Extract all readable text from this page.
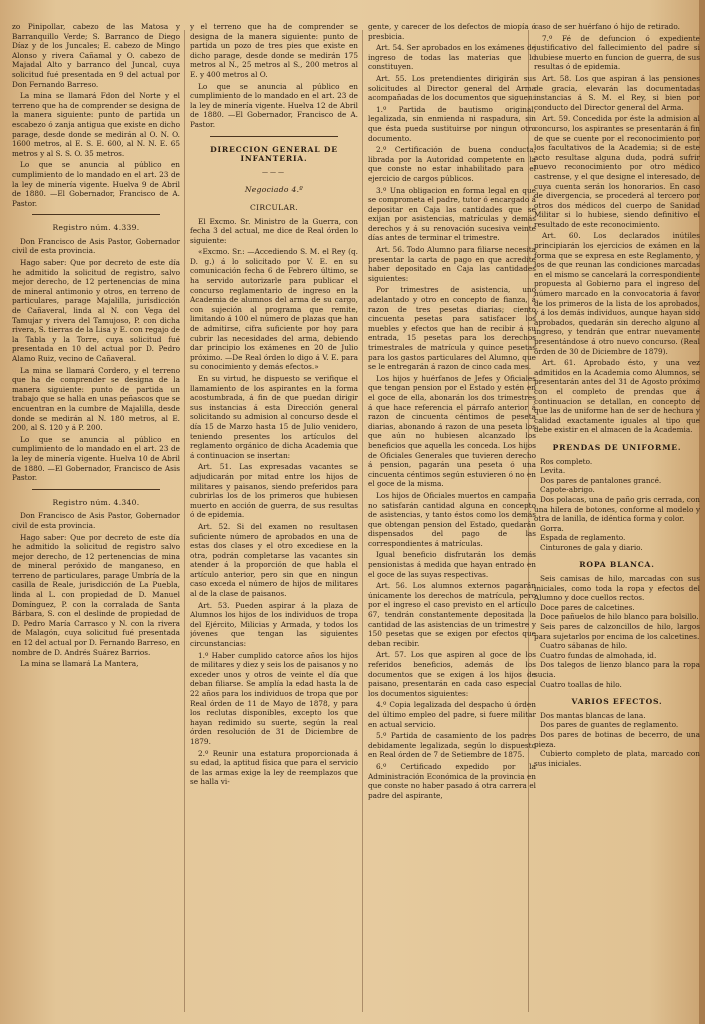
zo Pinipollar, cabezo de las Matosa y Barranquillo Verde; S. Barranco de Diego Díaz y de los Juncales; E. cabezo de Mingo Alonso y rivera Cañamal y O. cabezo de Majadal Alto y barranco del Juncal, cuya solicitud fué presentada en 9 del actual por Don Fernando Barreso.

La mina se llamará Fdon del Norte y el terreno que ha de comprender se designa de la manera siguiente: punto de partida un escabezo ó zanja antigua que existe en dicho parage, desde donde se medirán al O. N. O. 1600 metros, al E. S. E. 600, al N. N. E. 65 metros y al S. S. O. 35 metros.

Lo que se anuncia al público en cumplimiento de lo mandado en el art. 23 de la ley de minería vigente. Huelva 9 de Abril de 1880. —El Gobernador, Francisco de A. Pastor.

Registro núm. 4.339.

Don Francisco de Asis Pastor, Gobernador civil de esta provincia.

Hago saber: Que por decreto de este día he admitido la solicitud de registro, salvo mejor derecho, de 12 pertenencias de mina de mineral antimonio y otros, en terreno de particulares, parage Majalilla, jurisdicción de Cañaveral, linda al N. con Vega del Tamujar y rivera del Tamujoso, P. con dicha rivera, S. tierras de la Lisa y E. con regajo de la Tabla y la Torre, cuya solicitud fué presentada en 10 del actual por D. Pedro Alamo Ruiz, vecino de Cañaveral.

La mina se llamará Cordero, y el terreno que ha de comprender se designa de la manera siguiente: punto de partida un trabajo que se halla en unas peñascos que se encuentran en la cumbre de Majalilla, desde donde se medirán al N. 180 metros, al E. 200, al S. 120 y á P. 200.

Lo que se anuncia al público en cumplimiento de lo mandado en el art. 23 de la ley de minería vigente. Huelva 10 de Abril de 1880. —El Gobernador, Francisco de Asis Pastor.

Registro núm. 4.340.

Don Francisco de Asis Pastor, Gobernador civil de esta provincia.

Hago saber: Que por decreto de este día he admitido la solicitud de registro salvo mejor derecho, de 12 pertenencias de mina de mineral peróxido de manganeso, en terreno de particulares, parage Umbría de la casilla de Reale, jurisdicción de La Puebla, linda al L. con propiedad de D. Manuel Domínguez, P. con la corralada de Santa Bárbara, S. con el deslinde de propiedad de D. Pedro María Carrasco y N. con la rivera de Malagón, cuya solicitud fué presentada en 12 del actual por D. Fernando Barreso, en nombre de D. Andrés Suárez Barrios.

La mina se llamará La Mantera,

y el terreno que ha de comprender se designa de la manera siguiente: punto de partida un pozo de tres pies que existe en dicho parage, desde donde se medirán 175 metros al N., 25 metros al S., 200 metros al E. y 400 metros al O.

Lo que se anuncia al público en cumplimiento de lo mandado en el art. 23 de la ley de minería vigente. Huelva 12 de Abril de 1880. —El Gobernador, Francisco de A. Pastor.

DIRECCION GENERAL DE INFANTERIA.
———
Negociado 4.º
CIRCULAR.

El Excmo. Sr. Ministro de la Guerra, con fecha 3 del actual, me dice de Real órden lo siguiente:

«Excmo. Sr.: —Accediendo S. M. el Rey (q. D. g.) á lo solicitado por V. E. en su comunicación fecha 6 de Febrero último, se ha servido autorizarle para publicar el concurso reglamentario de ingreso en la Academia de alumnos del arma de su cargo, con sujeción al programa que remite, limitando á 100 el número de plazas que han de admitirse, cifra suficiente por hoy para cubrir las necesidades del arma, debiendo dar principio los exámenes en 20 de Julio próximo. —De Real órden lo digo á V. E. para su conocimiento y demás efectos.»

En su virtud, he dispuesto se verifique el llamamiento de los aspirantes en la forma acostumbrada, á fin de que puedan dirigir sus instancias á esta Dirección general solicitando su admision al concurso desde el día 15 de Marzo hasta 15 de Julio venidero, teniendo presentes los artículos del reglamento orgánico de dicha Academia que á continuacion se insertan:

Art. 51. Las expresadas vacantes se adjudicarán por mitad entre los hijos de militares y paisanos, siendo preferidos para cubrirlas los de los primeros que hubiesen muerto en acción de guerra, de sus resultas ó de epidemia.

Art. 52. Si del examen no resultasen suficiente número de aprobados en una de estas dos clases y el otro excediese en la otra, podrán completarse las vacantes sin atender á la proporción de que habla el artículo anterior, pero sin que en ningun caso exceda el número de hijos de militares al de la clase de paisanos.

Art. 53. Pueden aspirar á la plaza de Alumnos los hijos de los individuos de tropa del Ejército, Milicias y Armada, y todos los jóvenes que tengan las siguientes circunstancias:

1.º Haber cumplido catorce años los hijos de militares y diez y seis los de paisanos y no exceder unos y otros de veinte el día que deban filiarse. Se amplía la edad hasta la de 22 años para los individuos de tropa que por Real órden de 11 de Mayo de 1878, y para los reclutas disponibles, excepto los que hayan redimido su suerte, según la real órden resolución de 31 de Diciembre de 1879.

2.º Reunir una estatura proporcionada á su edad, la aptitud física que para el servicio de las armas exige la ley de reemplazos que se halla vi-

gente, y carecer de los defectos de miopía ó presbicia.

Art. 54. Ser aprobados en los exámenes de ingreso de todas las materias que lo constituyen.

Art. 55. Los pretendientes dirigirán sus solicitudes al Director general del Arma acompañadas de los documentos que siguen:

1.º Partida de bautismo original, legalizada, sin enmienda ni raspadura, sin que ésta pueda sustituirse por ningun otro documento.

2.º Certificación de buena conducta, librada por la Autoridad competente en la que conste no estar inhabilitado para el ejercicio de cargos públicos.

3.º Una obligacion en forma legal en que se comprometa el padre, tutor ó encargado á depositar en Caja las cantidades que se exijan por asistencias, matrículas y demás derechos y á su renovación sucesiva veinte días antes de terminar el trimestre.

Art. 56. Todo Alumno para filiarse necesita presentar la carta de pago en que acredite haber depositado en Caja las cantidades siguientes:

Por trimestres de asistencia, uno adelantado y otro en concepto de fianza, á razon de tres pesetas diarias; ciento cincuenta pesetas para satisfacer los muebles y efectos que han de recibir á su entrada, 15 pesetas para los derechos trimestrales de matrícula y quince pesetas para los gastos particulares del Alumno, que se le entregarán á razon de cinco cada mes.

Los hijos y huérfanos de Jefes y Oficiales que tengan pension por el Estado y estén en el goce de ella, abonarán los dos trimestres á que hace referencia el párrafo anterior á razon de cincuenta céntimos de peseta diarias, abonando á razon de una peseta los que aún no hubiesen alcanzado los beneficios que aquella les conceda. Los hijos de Oficiales Generales que tuvieren derecho á pension, pagarán una peseta ó una cincuenta céntimos según estuvieren ó no en el goce de la misma.

Los hijos de Oficiales muertos en campaña no satisfarán cantidad alguna en concepto de asistencias, y tanto éstos como los demás que obtengan pension del Estado, quedarán dispensados del pago de las correspondientes á matrículas.

Igual beneficio disfrutarán los demás pensionistas á medida que hayan entrado en el goce de las suyas respectivas.

Art. 56. Los alumnos externos pagarán únicamente los derechos de matrícula, pero por el ingreso el caso previsto en el artículo 67, tendrán constantemente depositada la cantidad de las asistencias de un trimestre y 150 pesetas que se exigen por efectos que deban recibir.

Art. 57. Los que aspiren al goce de los referidos beneficios, además de los documentos que se exigen á los hijos de paisano, presentarán en cada caso especial los documentos siguientes:

4.º Copia legalizada del despacho ú órden del último empleo del padre, si fuere militar en actual servicio.

5.º Partida de casamiento de los padres debidamente legalizada, según lo dispuesto en Real órden de 7 de Setiembre de 1875.

6.º Certificado expedido por la Administración Económica de la provincia en que conste no haber pasado á otra carrera el padre del aspirante,

caso de ser huérfano ó hijo de retirado.

7.º Fé de defuncion ó expediente justificativo del fallecimiento del padre si hubiese muerto en funcion de guerra, de sus resultas ó de epidemia.

Art. 58. Los que aspiran á las pensiones de gracia, elevarán las documentadas instancias á S. M. el Rey, si bien por conducto del Director general del Arma.

Art. 59. Concedida por éste la admision al concurso, los aspirantes se presentarán á fin de que se cuente por el reconocimiento por los facultativos de la Academia; si de este acto resultase alguna duda, podrá sufrir nuevo reconocimiento por otro médico castrense, y el que designe el interesado, de cuya cuenta serán los honorarios. En caso de divergencia, se procederá al tercero por otros dos médicos del cuerpo de Sanidad Militar si lo hubiese, siendo definitivo el resultado de este reconocimiento.

Art. 60. Los declarados inútiles principiarán los ejercicios de exámen en la forma que se expresa en este Reglamento, y los de que reunan las condiciones marcadas en el mismo se cancelará la correspondiente propuesta al Gobierno para el ingreso del número marcado en la convocatoria á favor de los primeros de la lista de los aprobados, y á los demás individuos, aunque hayan sido aprobados, quedarán sin derecho alguno al ingreso, y tendrán que entrar nuevamente presentándose á otro nuevo concurso. (Real órden de 30 de Diciembre de 1879).

Art. 61. Aprobado ésto, y una vez admitidos en la Academia como Alumnos, se presentarán antes del 31 de Agosto próximo con el completo de prendas que á continuacion se detallan, en concepto de que las de uniforme han de ser de hechura y calidad exactamente iguales al tipo que debe existir en el almacen de la Academia.

PRENDAS DE UNIFORME.

Ros completo.

Levita.

Dos pares de pantalones grancé.

Capote-abrigo.

Dos polacas, una de paño gris cerrada, con una hilera de botones, conforme al modelo y otra de lanilla, de idéntica forma y color.

Gorra.

Espada de reglamento.

Cinturones de gala y diario.

ROPA BLANCA.

Seis camisas de hilo, marcadas con sus iniciales, como toda la ropa y efectos del Alumno y doce cuellos rectos.

Doce pares de calcetines.

Doce pañuelos de hilo blanco para bolsillo.

Seis pares de calzoncillos de hilo, largos para sujetarlos por encima de los calcetines.

Cuatro sábanas de hilo.

Cuatro fundas de almohada, id.

Dos talegos de lienzo blanco para la ropa sucia.

Cuatro toallas de hilo.

VARIOS EFECTOS.

Dos mantas blancas de lana.

Dos pares de guantes de reglamento.

Dos pares de botinas de becerro, de una pieza.

Cubierto completo de plata, marcado con sus iniciales.
